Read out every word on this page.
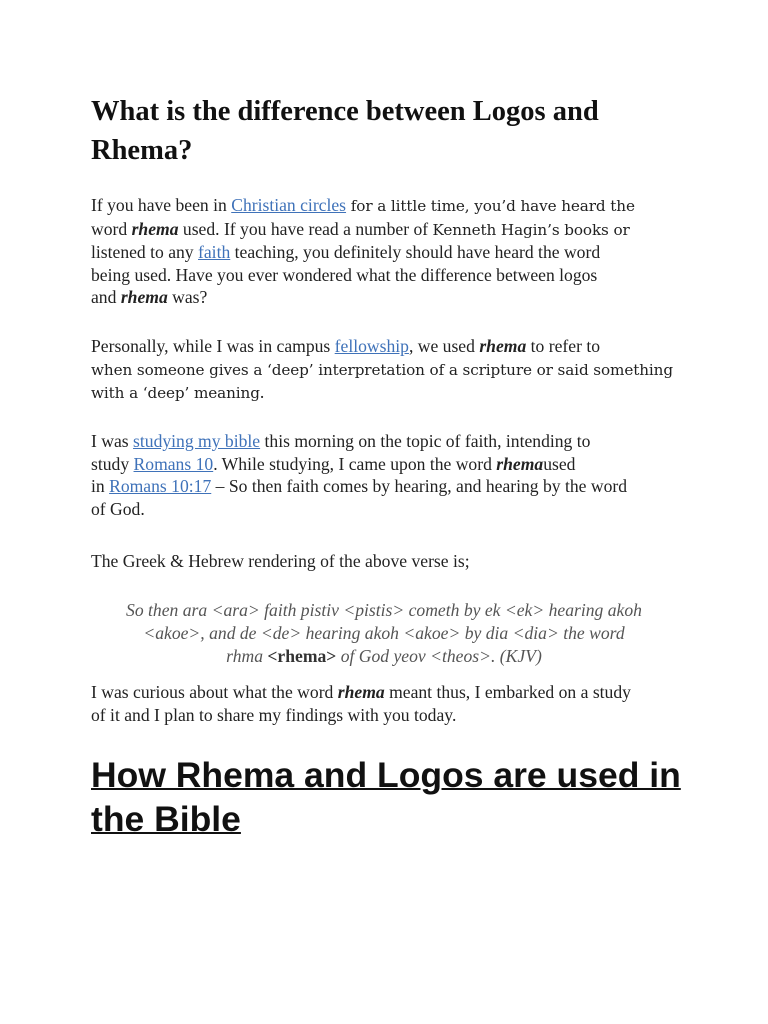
What is the difference between Logos and Rhema?

If you have been in Christian circles for a little time, you’d have heard the
word rhema used. If you have read a number of Kenneth Hagin’s books or
listened to any faith teaching, you definitely should have heard the word
being used. Have you ever wondered what the difference between logos
and rhema was?

Personally, while I was in campus fellowship, we used rhema to refer to
when someone gives a ‘deep’ interpretation of a scripture or said something
with a ‘deep’ meaning.

I was studying my bible this morning on the topic of faith, intending to
study Romans 10. While studying, I came upon the word rhemaused
in Romans 10:17 – So then faith comes by hearing, and hearing by the word
of God.

The Greek & Hebrew rendering of the above verse is;

So then ara <ara> faith pistiv <pistis> cometh by ek <ek> hearing akoh
<akoe>, and de <de> hearing akoh <akoe> by dia <dia> the word
rhma <rhema> of God yeov <theos>. (KJV)

I was curious about what the word rhema meant thus, I embarked on a study
of it and I plan to share my findings with you today.

How Rhema and Logos are used in the Bible
